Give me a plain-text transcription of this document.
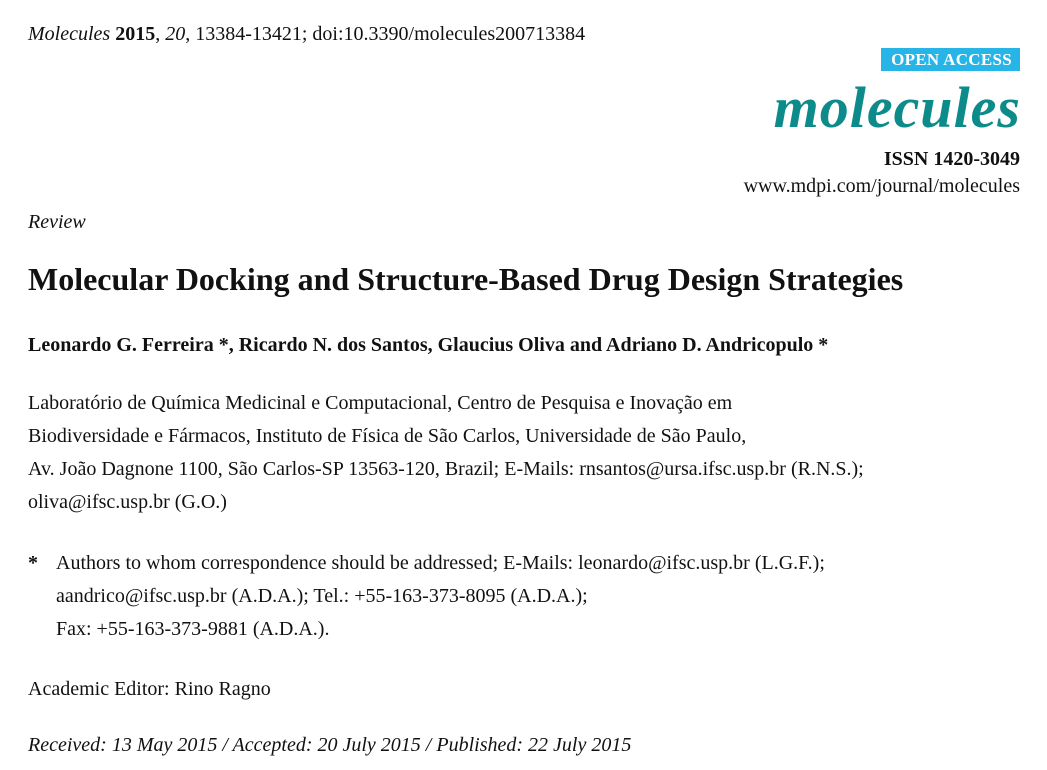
Molecules 2015, 20, 13384-13421; doi:10.3390/molecules200713384
OPEN ACCESS
molecules
ISSN 1420-3049
www.mdpi.com/journal/molecules
Review
Molecular Docking and Structure-Based Drug Design Strategies
Leonardo G. Ferreira *, Ricardo N. dos Santos, Glaucius Oliva and Adriano D. Andricopulo *
Laboratório de Química Medicinal e Computacional, Centro de Pesquisa e Inovação em
Biodiversidade e Fármacos, Instituto de Física de São Carlos, Universidade de São Paulo,
Av. João Dagnone 1100, São Carlos-SP 13563-120, Brazil; E-Mails: rnsantos@ursa.ifsc.usp.br (R.N.S.);
oliva@ifsc.usp.br (G.O.)
* Authors to whom correspondence should be addressed; E-Mails: leonardo@ifsc.usp.br (L.G.F.);
aandrico@ifsc.usp.br (A.D.A.); Tel.: +55-163-373-8095 (A.D.A.);
Fax: +55-163-373-9881 (A.D.A.).
Academic Editor: Rino Ragno
Received: 13 May 2015 / Accepted: 20 July 2015 / Published: 22 July 2015
